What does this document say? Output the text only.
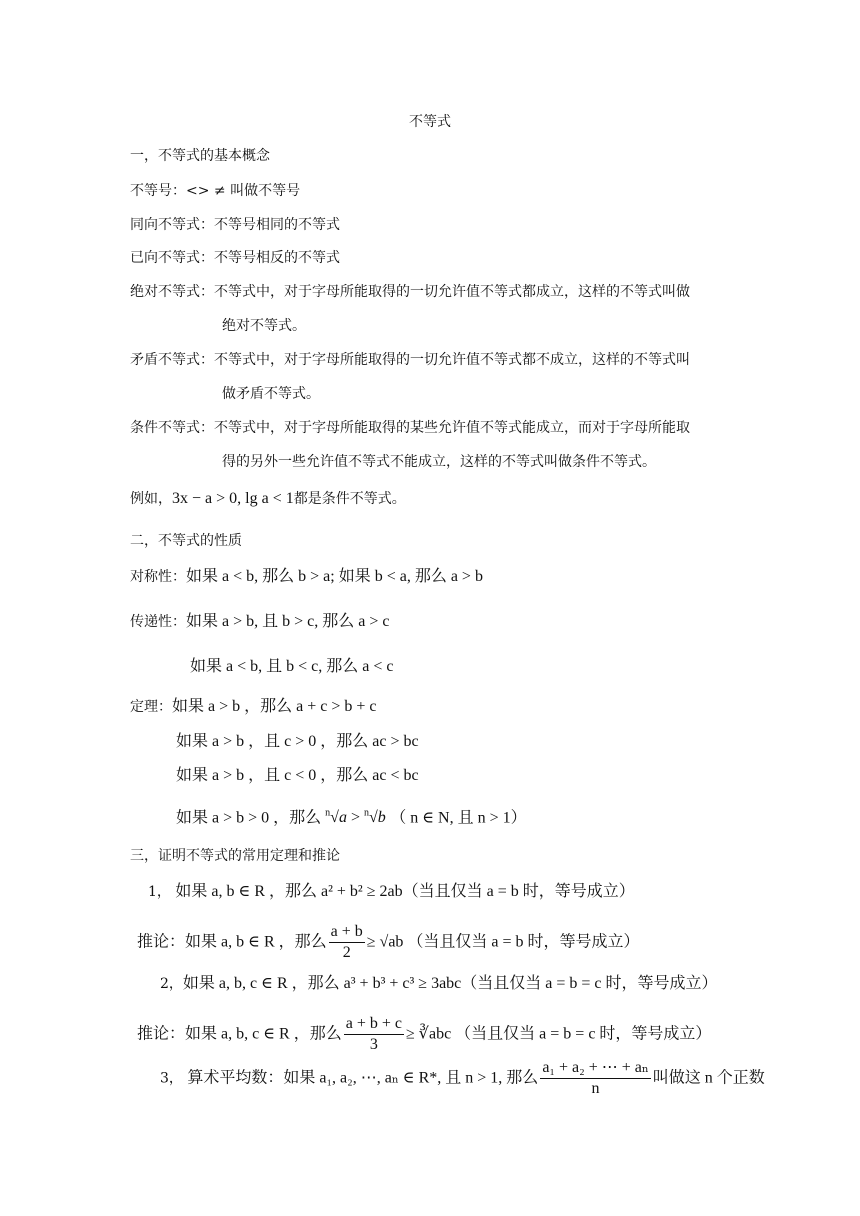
不等式
一，不等式的基本概念
不等号：<> ≠ 叫做不等号
同向不等式：不等号相同的不等式
已向不等式：不等号相反的不等式
绝对不等式：不等式中，对于字母所能取得的一切允许值不等式都成立，这样的不等式叫做
绝对不等式。
矛盾不等式：不等式中，对于字母所能取得的一切允许值不等式都不成立，这样的不等式叫
做矛盾不等式。
条件不等式：不等式中，对于字母所能取得的某些允许值不等式能成立，而对于字母所能取
得的另外一些允许值不等式不能成立，这样的不等式叫做条件不等式。
例如，3x − a > 0, lg a < 1都是条件不等式。
二，不等式的性质
对称性：如果 a < b, 那么 b > a; 如果 b < a, 那么 a > b
传递性：如果 a > b, 且 b > c, 那么 a > c
如果 a < b, 且 b < c, 那么 a < c
定理：如果 a > b ，那么 a + c > b + c
如果 a > b ，且 c > 0 ，那么 ac > bc
如果 a > b ，且 c < 0 ，那么 ac < bc
如果 a > b > 0 ，那么 $^n$√a > $^n$√b （ n ∈ N, 且 n > 1）
三，证明不等式的常用定理和推论
1， 如果 a, b ∈ R ，那么 a² + b² ≥ 2ab（当且仅当 a = b 时，等号成立）
推论：如果 a, b ∈ R ，那么 $\frac{a + b}{2} \ge √ab$ （当且仅当 a = b 时，等号成立）
2，如果 a, b, c ∈ R ，那么 a³ + b³ + c³ ≥ 3abc（当且仅当 a = b = c 时，等号成立）
推论：如果 a, b, c ∈ R ，那么 $\frac{a + b + c}{3}$ ≥ ∛abc （当且仅当 a = b = c 时，等号成立）
3， 算术平均数：如果 a₁, a₂, ⋯, aₙ ∈ R*, 且 n > 1, 那么 $\frac{\text{a₁ + a₂ + ⋯ + aₙ}}{n}$ 叫做这 n 个正数
